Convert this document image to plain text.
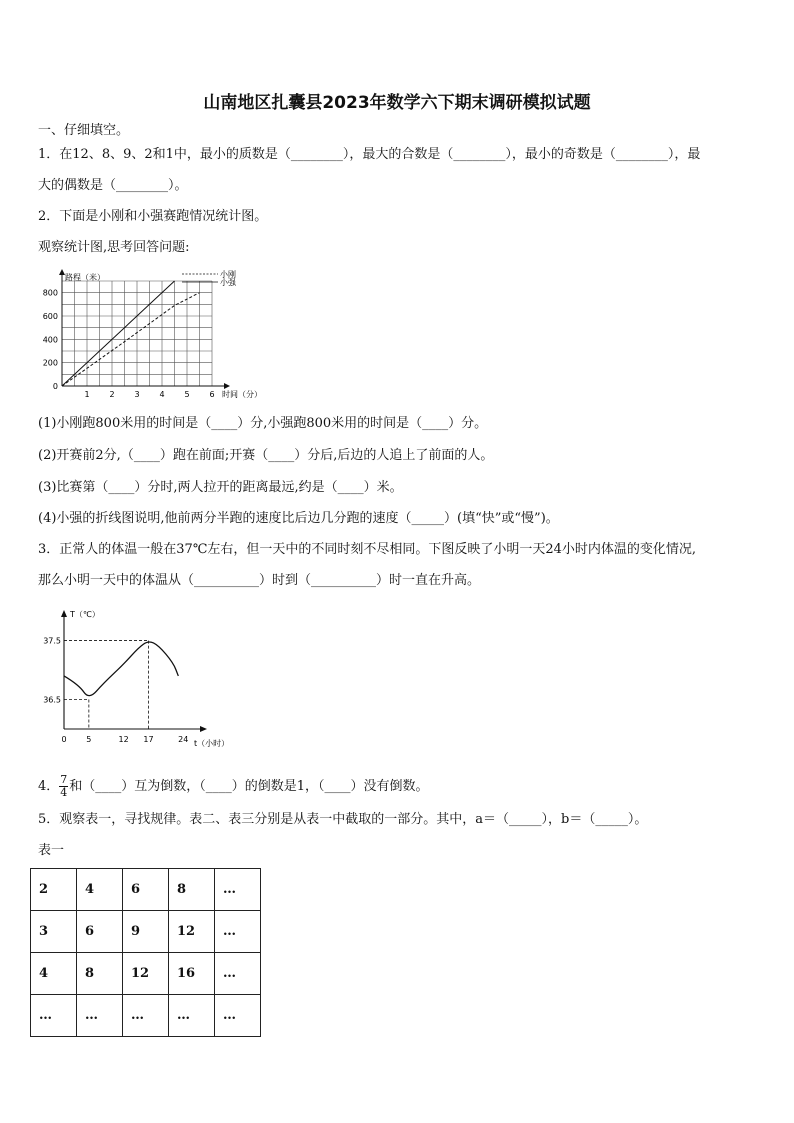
山南地区扎囊县2023年数学六下期末调研模拟试题
一、仔细填空。
1．在12、8、9、2和1中，最小的质数是（________），最大的合数是（________），最小的奇数是（________），最
大的偶数是（________）。
2．下面是小刚和小强赛跑情况统计图。
观察统计图,思考回答问题:
1 2 3 4 5 6
0
200
400
600
800
路程（米）
时间（分）
小刚
小强
(1)小刚跑800米用的时间是（____）分,小强跑800米用的时间是（____）分。
(2)开赛前2分,（____）跑在前面;开赛（____）分后,后边的人追上了前面的人。
(3)比赛第（____）分时,两人拉开的距离最远,约是（____）米。
(4)小强的折线图说明,他前两分半跑的速度比后边几分跑的速度（_____）(填“快”或“慢”)。
3．正常人的体温一般在37℃左右，但一天中的不同时刻不尽相同。下图反映了小明一天24小时内体温的变化情况,
那么小明一天中的体温从（__________）时到（__________）时一直在升高。
0 5	12 17	24
36.5
37.5
T（℃）
t（小时）
4． $\frac{7}{4}$ 和（____）互为倒数，（____）的倒数是1，（____）没有倒数。
5．观察表一，寻找规律。表二、表三分别是从表一中截取的一部分。其中，a＝（_____），b＝（_____）。
表一
2	4	6	8	…
3	6	9	12	…
4	8	12	16	…
…	…	…	…	…
